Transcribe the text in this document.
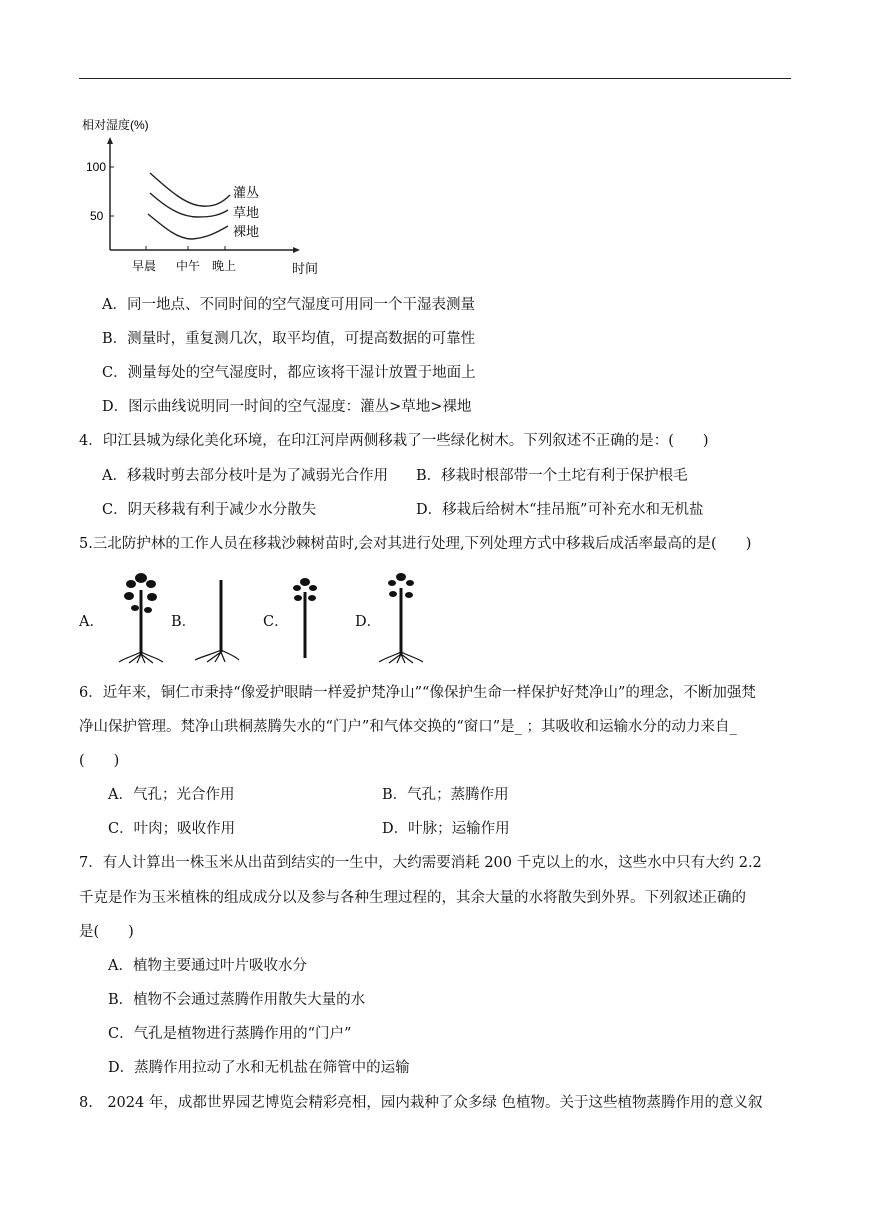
相对湿度(%)
100
50
早晨 中午 晚上	时间
灌丛
草地
裸地
A．同一地点、不同时间的空气湿度可用同一个干湿表测量
B．测量时，重复测几次，取平均值，可提高数据的可靠性
C．测量每处的空气湿度时，都应该将干湿计放置于地面上
D．图示曲线说明同一时间的空气湿度：灌丛>草地>裸地
4．印江县城为绿化美化环境，在印江河岸两侧移栽了一些绿化树木。下列叙述不正确的是：(　　)
A．移栽时剪去部分枝叶是为了减弱光合作用 B．移栽时根部带一个土坨有利于保护根毛
C．阴天移栽有利于减少水分散失	D．移栽后给树木“挂吊瓶”可补充水和无机盐
5.三北防护林的工作人员在移栽沙棘树苗时,会对其进行处理,下列处理方式中移栽后成活率最高的是(　　)
A．	B．	C．	D．
6．近年来，铜仁市秉持“像爱护眼睛一样爱护梵净山”“像保护生命一样保护好梵净山”的理念，不断加强梵
净山保护管理。梵净山珙桐蒸腾失水的“门户”和气体交换的“窗口”是_ ；其吸收和运输水分的动力来自_
(　　)
A．气孔；光合作用	B．气孔；蒸腾作用
C．叶肉；吸收作用	D．叶脉；运输作用
7．有人计算出一株玉米从出苗到结实的一生中，大约需要消耗 200 千克以上的水，这些水中只有大约 2.2
千克是作为玉米植株的组成成分以及参与各种生理过程的，其余大量的水将散失到外界。下列叙述正确的
是(　　)
A．植物主要通过叶片吸收水分
B．植物不会通过蒸腾作用散失大量的水
C．气孔是植物进行蒸腾作用的“门户”
D．蒸腾作用拉动了水和无机盐在筛管中的运输
8.　2024 年，成都世界园艺博览会精彩亮相，园内栽种了众多绿 色植物。关于这些植物蒸腾作用的意义叙
